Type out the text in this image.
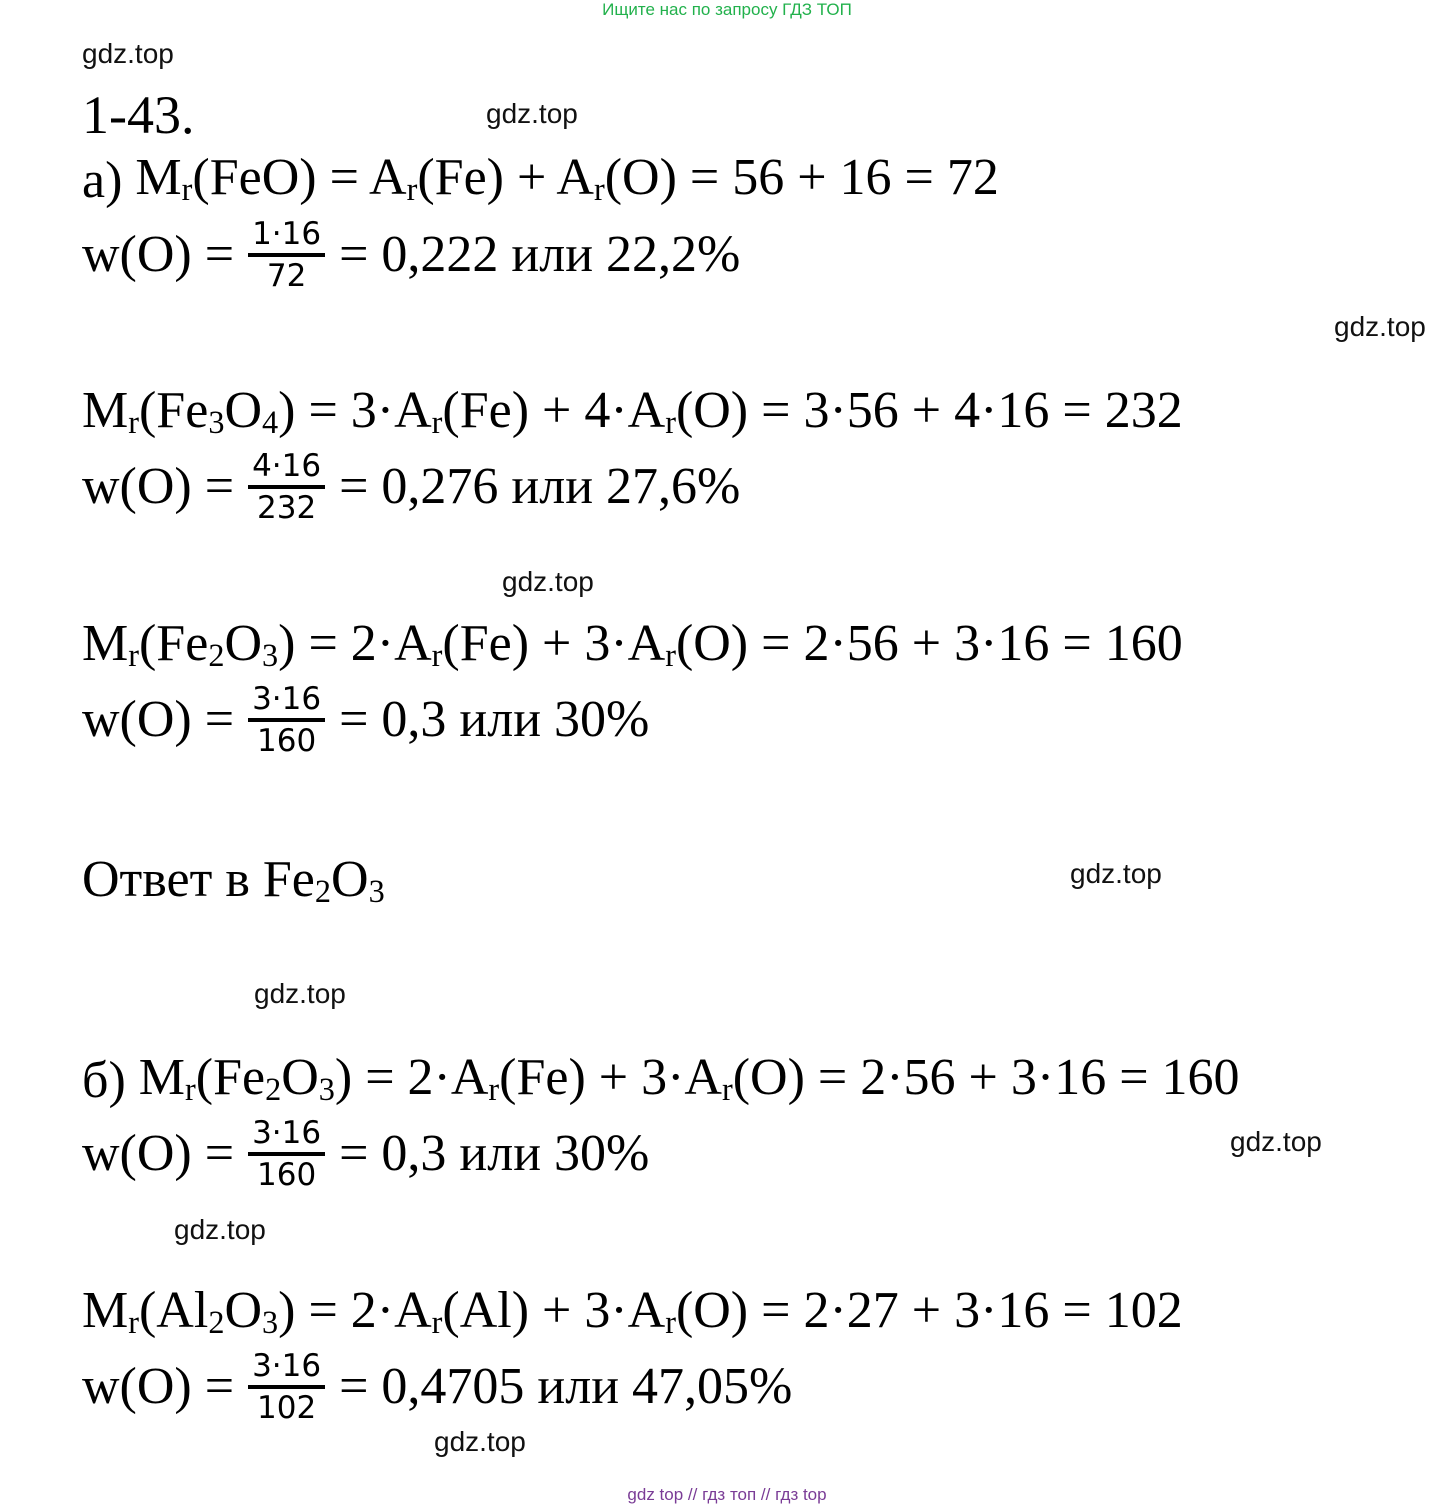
Ищите нас по запросу ГДЗ ТОП
gdz.top
gdz.top
gdz.top
gdz.top
gdz.top
gdz.top
gdz.top
gdz.top
gdz.top
1-43.
а)
$M_r(FeO) = A_r(Fe) + A_r(O) = 56 + 16 = 72$
$w(O) = \frac{1\cdot 16}{72} = 0,222$ или 22,2%
$M_r(Fe_3O_4) = 3\cdot A_r(Fe) + 4\cdot A_r(O) = 3\cdot 56 + 4\cdot 16 = 232$
$w(O) = \frac{4\cdot 16}{232} = 0,276$ или 27,6%
$M_r(Fe_2O_3) = 2\cdot A_r(Fe) + 3\cdot A_r(O) = 2\cdot 56 + 3\cdot 16 = 160$
$w(O) = \frac{3\cdot 16}{160} = 0,3$ или 30%
Ответ в $Fe_2O_3$
б)
$M_r(Fe_2O_3) = 2\cdot A_r(Fe) + 3\cdot A_r(O) = 2\cdot 56 + 3\cdot 16 = 160$
$w(O) = \frac{3\cdot 16}{160} = 0,3$ или 30%
$M_r(Al_2O_3) = 2\cdot A_r(Al) + 3\cdot A_r(O) = 2\cdot 27 + 3\cdot 16 = 102$
$w(O) = \frac{3\cdot 16}{102} = 0,4705$ или 47,05%
gdz top // гдз топ // гдз top
